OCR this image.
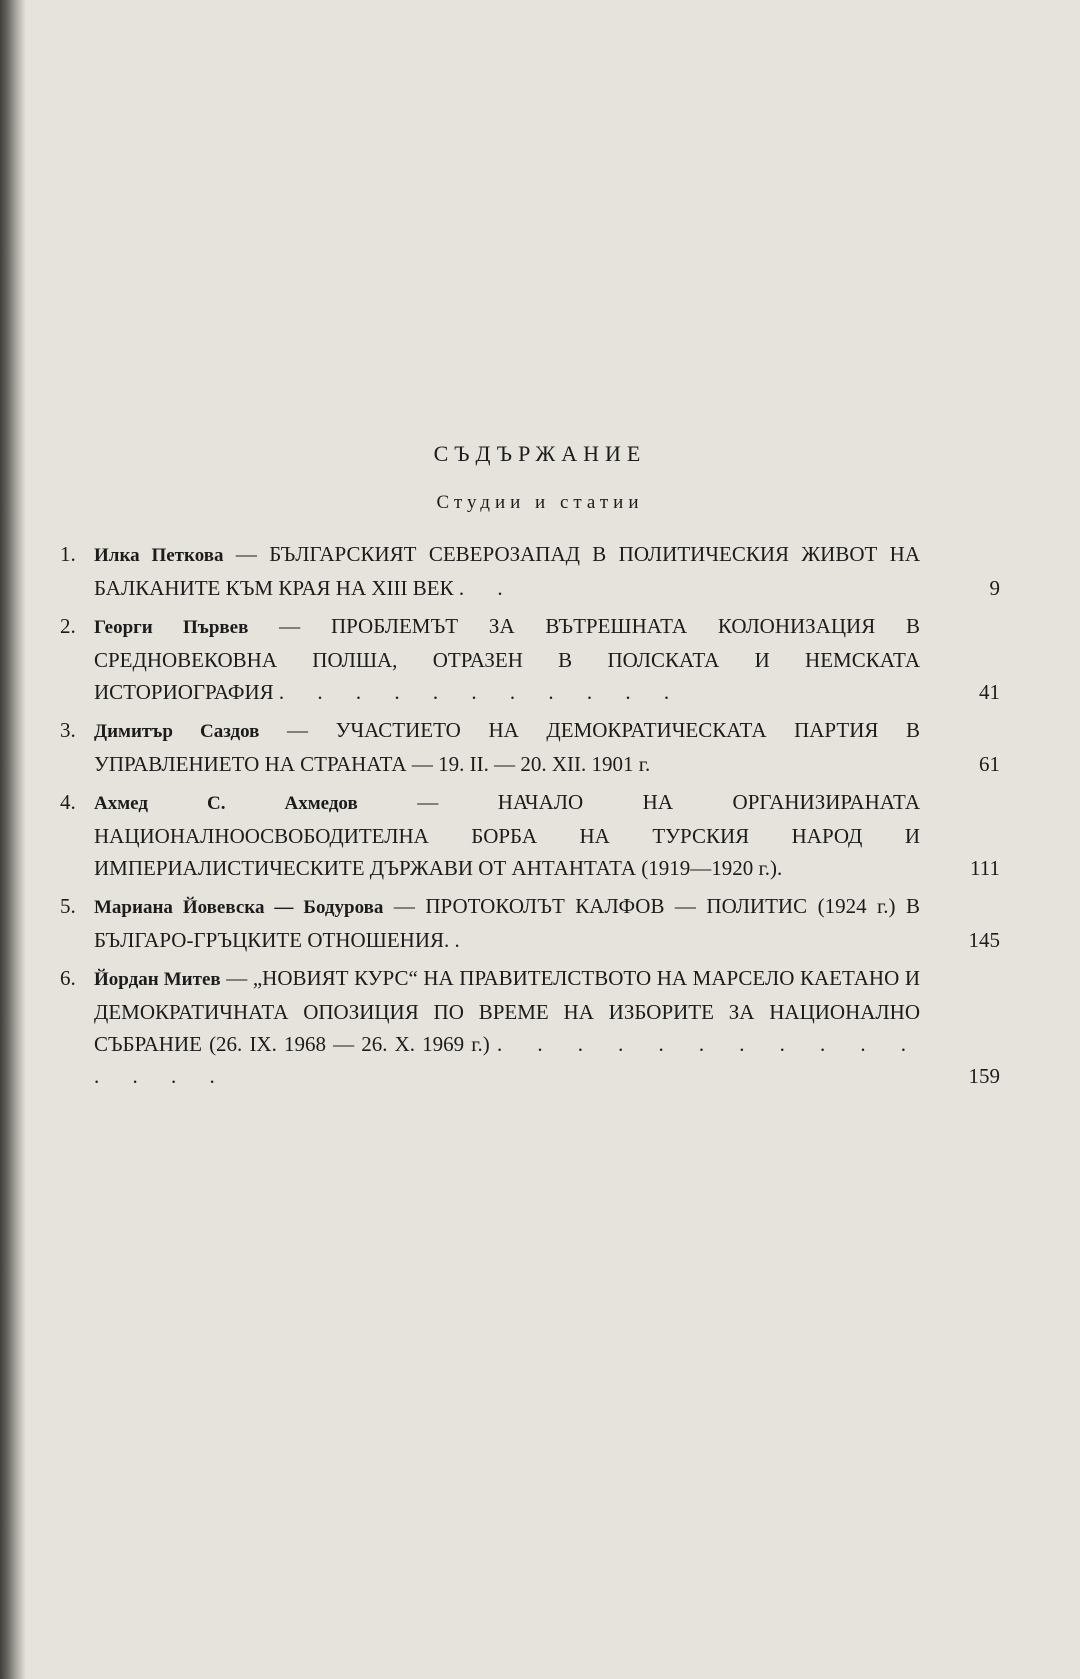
СЪДЪРЖАНИЕ
Студии и статии
1. Илка Петкова — БЪЛГАРСКИЯТ СЕВЕРОЗАПАД В ПОЛИТИЧЕСКИЯ ЖИВОТ НА БАЛКАНИТЕ КЪМ КРАЯ НА XIII ВЕК . .	9
2. Георги Първев — ПРОБЛЕМЪТ ЗА ВЪТРЕШНАТА КОЛОНИЗАЦИЯ В СРЕДНОВЕКОВНА ПОЛША, ОТРАЗЕН В ПОЛСКАТА И НЕМСКАТА ИСТОРИОГРАФИЯ . . . . . . . . . . .	41
3. Димитър Саздов — УЧАСТИЕТО НА ДЕМОКРАТИЧЕСКАТА ПАРТИЯ В УПРАВЛЕНИЕТО НА СТРАНАТА — 19. II. — 20. XII. 1901 г.	61
4. Ахмед С. Ахмедов	— НАЧАЛО НА ОРГАНИЗИРАНАТА НАЦИОНАЛНООСВОБОДИТЕЛНА БОРБА НА ТУРСКИЯ НАРОД И ИМПЕРИАЛИСТИЧЕСКИТЕ ДЪРЖАВИ ОТ АНТАНТАТА (1919—1920 г.).	111
5. Мариана Йовевска — Бодурова — ПРОТОКОЛЪТ КАЛФОВ — ПОЛИТИС (1924 г.) В БЪЛГАРО-ГРЪЦКИТЕ ОТНОШЕНИЯ. .	145
6. Йордан Митев — „НОВИЯТ КУРС“ НА ПРАВИТЕЛСТВОТО НА МАРСЕЛО КАЕТАНО И ДЕМОКРАТИЧНАТА ОПОЗИЦИЯ ПО ВРЕМЕ НА ИЗБОРИТЕ ЗА НАЦИОНАЛНО СЪБРАНИЕ (26. IX. 1968 — 26. X. 1969 г.) . . . . . . . . . . . . . . .	159
